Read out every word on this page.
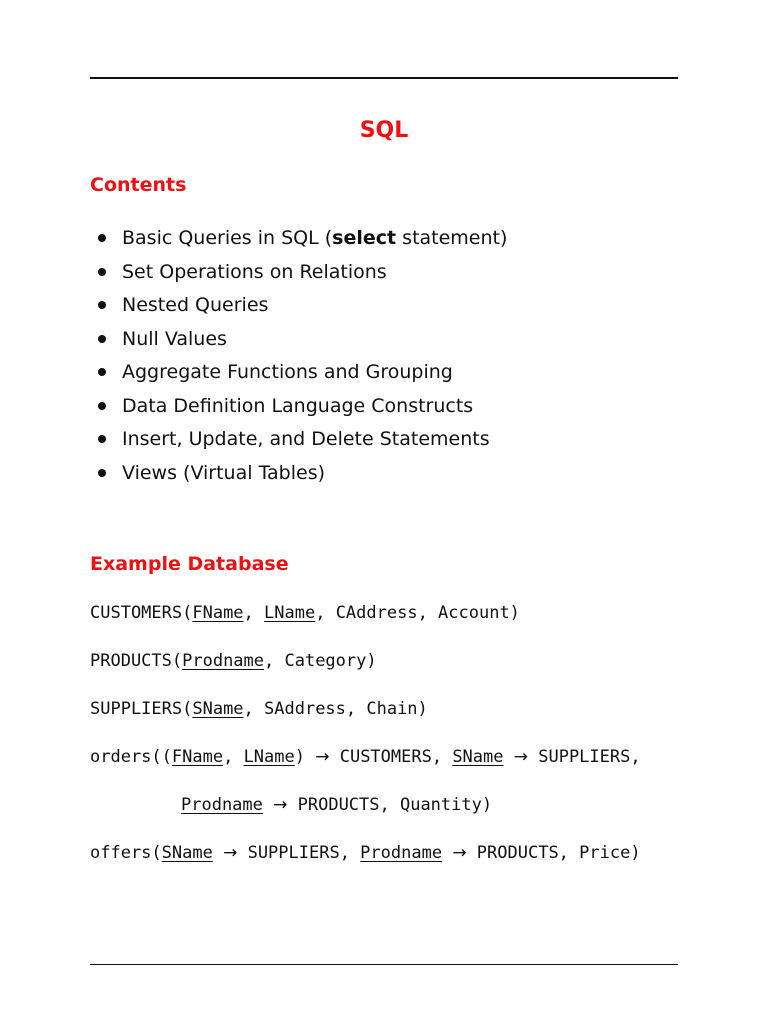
SQL
Contents
Basic Queries in SQL (select statement)
Set Operations on Relations
Nested Queries
Null Values
Aggregate Functions and Grouping
Data Definition Language Constructs
Insert, Update, and Delete Statements
Views (Virtual Tables)
Example Database
CUSTOMERS(FName, LName, CAddress, Account)
PRODUCTS(Prodname, Category)
SUPPLIERS(SName, SAddress, Chain)
orders((FName, LName) → CUSTOMERS, SName → SUPPLIERS,
Prodname → PRODUCTS, Quantity)
offers(SName → SUPPLIERS, Prodname → PRODUCTS, Price)
